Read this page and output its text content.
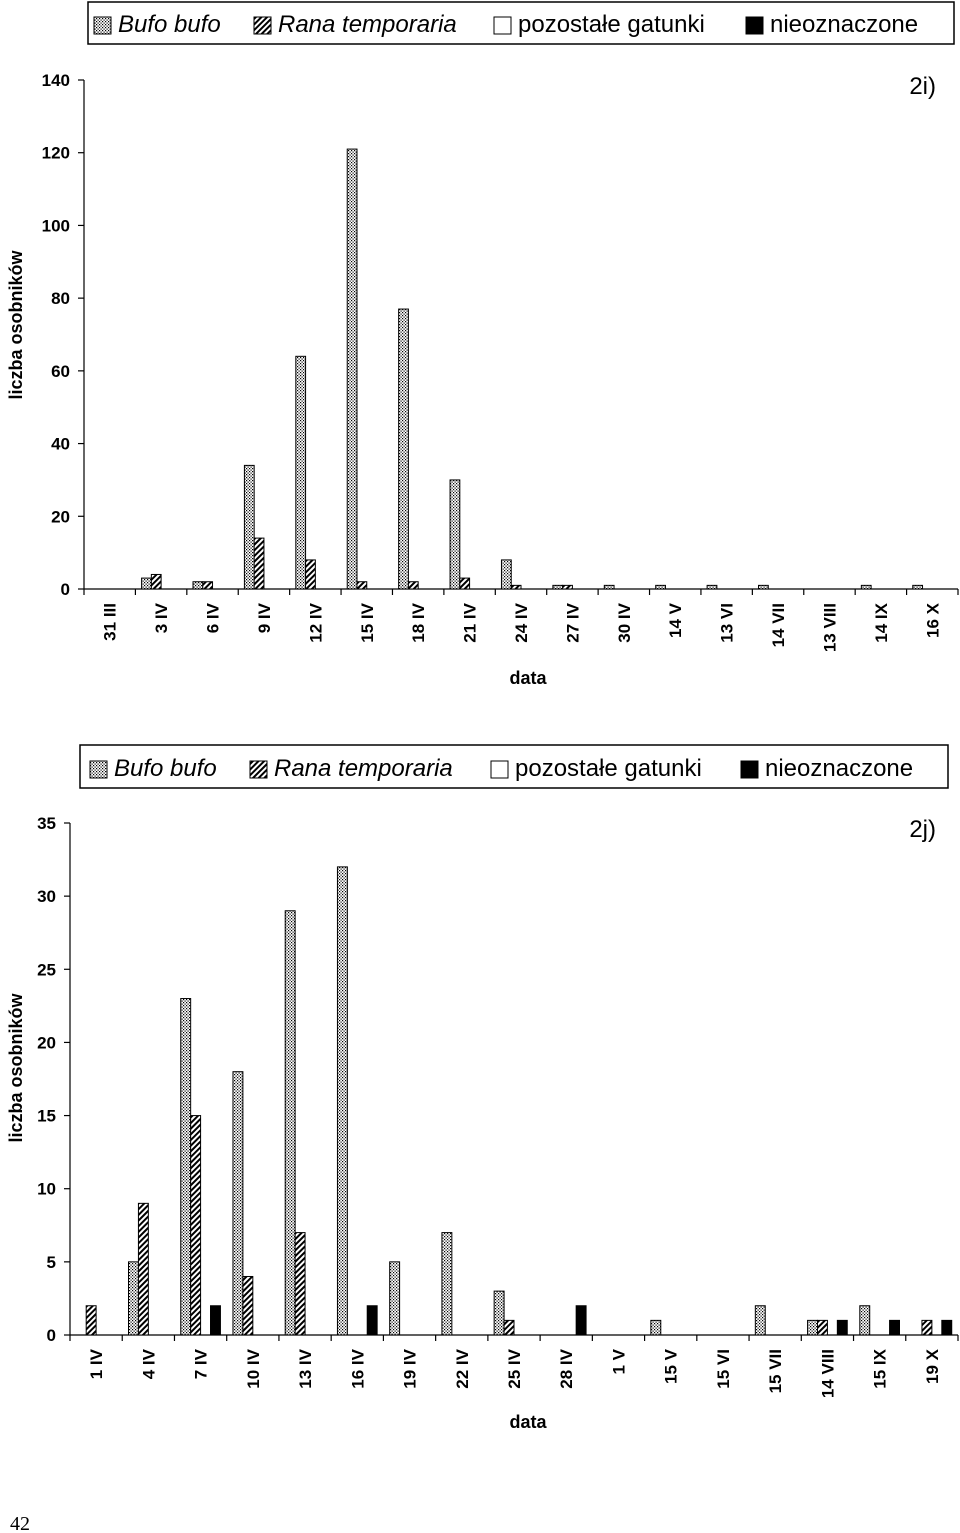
Bufo bufo Rana temporaria	pozostałe gatunki	nieoznaczone
2i)
0
20
40
60
80
100
120
140
31 III 3 IV 6 IV 9 IV 12 IV 15 IV 18 IV 21 IV 24 IV 27 IV 30 IV 14 V 13 VI 14 VII 13 VIII 14 IX 16 X
data
liczba osobników
Bufo bufo Rana temporaria	pozostałe gatunki	nieoznaczone
2j)
0
5
10
15
20
25
30
35
1 IV 4 IV 7 IV 10 IV 13 IV 16 IV 19 IV 22 IV 25 IV 28 IV 1 V 15 V 15 VI 15 VII 14 VIII 15 IX 19 X
data
liczba osobników
42
